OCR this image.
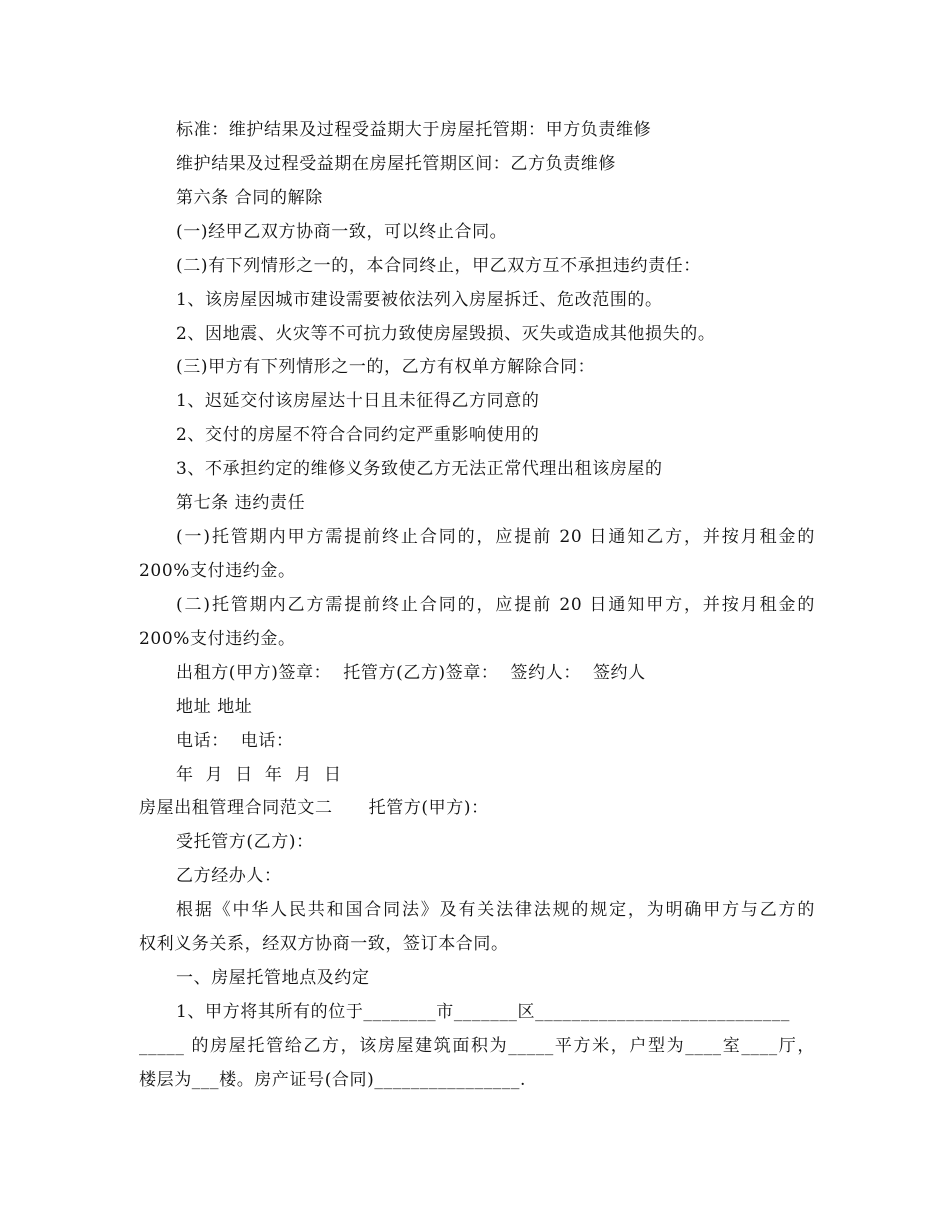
标准：维护结果及过程受益期大于房屋托管期：甲方负责维修
维护结果及过程受益期在房屋托管期区间：乙方负责维修
第六条 合同的解除
(一)经甲乙双方协商一致，可以终止合同。
(二)有下列情形之一的，本合同终止，甲乙双方互不承担违约责任：
1、该房屋因城市建设需要被依法列入房屋拆迁、危改范围的。
2、因地震、火灾等不可抗力致使房屋毁损、灭失或造成其他损失的。
(三)甲方有下列情形之一的，乙方有权单方解除合同：
1、迟延交付该房屋达十日且未征得乙方同意的
2、交付的房屋不符合合同约定严重影响使用的
3、不承担约定的维修义务致使乙方无法正常代理出租该房屋的
第七条 违约责任
(一)托管期内甲方需提前终止合同的，应提前 20 日通知乙方，并按月租金的
200%支付违约金。
(二)托管期内乙方需提前终止合同的，应提前 20 日通知甲方，并按月租金的
200%支付违约金。
出租方(甲方)签章：  托管方(乙方)签章：  签约人：  签约人
地址 地址
电话：  电话：
年  月  日  年  月  日
房屋出租管理合同范文二      托管方(甲方)：
受托管方(乙方)：
乙方经办人：
根据《中华人民共和国合同法》及有关法律法规的规定，为明确甲方与乙方的
权利义务关系，经双方协商一致，签订本合同。
一、房屋托管地点及约定
1、甲方将其所有的位于________市_______区____________________________
_____ 的房屋托管给乙方，该房屋建筑面积为_____平方米，户型为____室____厅，
楼层为___楼。房产证号(合同)________________.
